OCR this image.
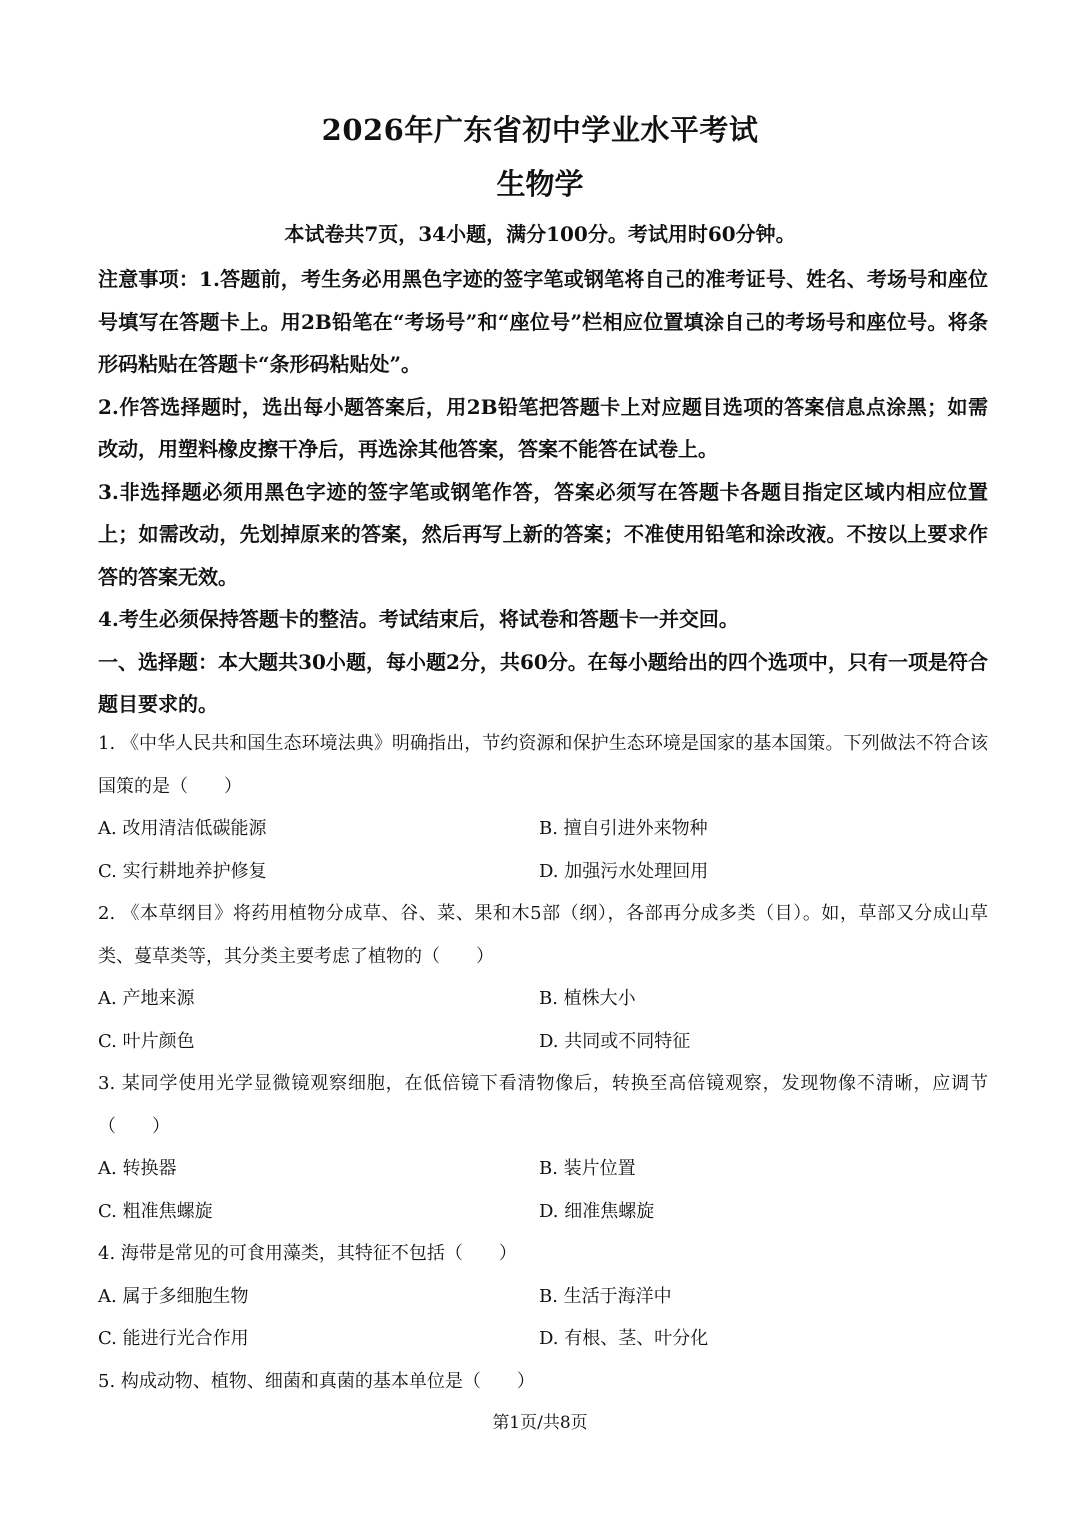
2026年广东省初中学业水平考试
生物学
本试卷共7页，34小题，满分100分。考试用时60分钟。

注意事项：1.答题前，考生务必用黑色字迹的签字笔或钢笔将自己的准考证号、姓名、考场号和座位号填写在答题卡上。用2B铅笔在“考场号”和“座位号”栏相应位置填涂自己的考场号和座位号。将条形码粘贴在答题卡“条形码粘贴处”。

2.作答选择题时，选出每小题答案后，用2B铅笔把答题卡上对应题目选项的答案信息点涂黑；如需改动，用塑料橡皮擦干净后，再选涂其他答案，答案不能答在试卷上。

3.非选择题必须用黑色字迹的签字笔或钢笔作答，答案必须写在答题卡各题目指定区域内相应位置上；如需改动，先划掉原来的答案，然后再写上新的答案；不准使用铅笔和涂改液。不按以上要求作答的答案无效。

4.考生必须保持答题卡的整洁。考试结束后，将试卷和答题卡一并交回。

一、选择题：本大题共30小题，每小题2分，共60分。在每小题给出的四个选项中，只有一项是符合题目要求的。

1. 《中华人民共和国生态环境法典》明确指出，节约资源和保护生态环境是国家的基本国策。下列做法不符合该国策的是（　　）

A. 改用清洁低碳能源	B. 擅自引进外来物种
C. 实行耕地养护修复	D. 加强污水处理回用

2. 《本草纲目》将药用植物分成草、谷、菜、果和木5部（纲），各部再分成多类（目）。如，草部又分成山草类、蔓草类等，其分类主要考虑了植物的（　　）

A. 产地来源	B. 植株大小
C. 叶片颜色	D. 共同或不同特征

3. 某同学使用光学显微镜观察细胞，在低倍镜下看清物像后，转换至高倍镜观察，发现物像不清晰，应调节（　　）

A. 转换器	B. 装片位置
C. 粗准焦螺旋	D. 细准焦螺旋

4. 海带是常见的可食用藻类，其特征不包括（　　）

A. 属于多细胞生物	B. 生活于海洋中
C. 能进行光合作用	D. 有根、茎、叶分化

5. 构成动物、植物、细菌和真菌的基本单位是（　　）

第1页/共8页
